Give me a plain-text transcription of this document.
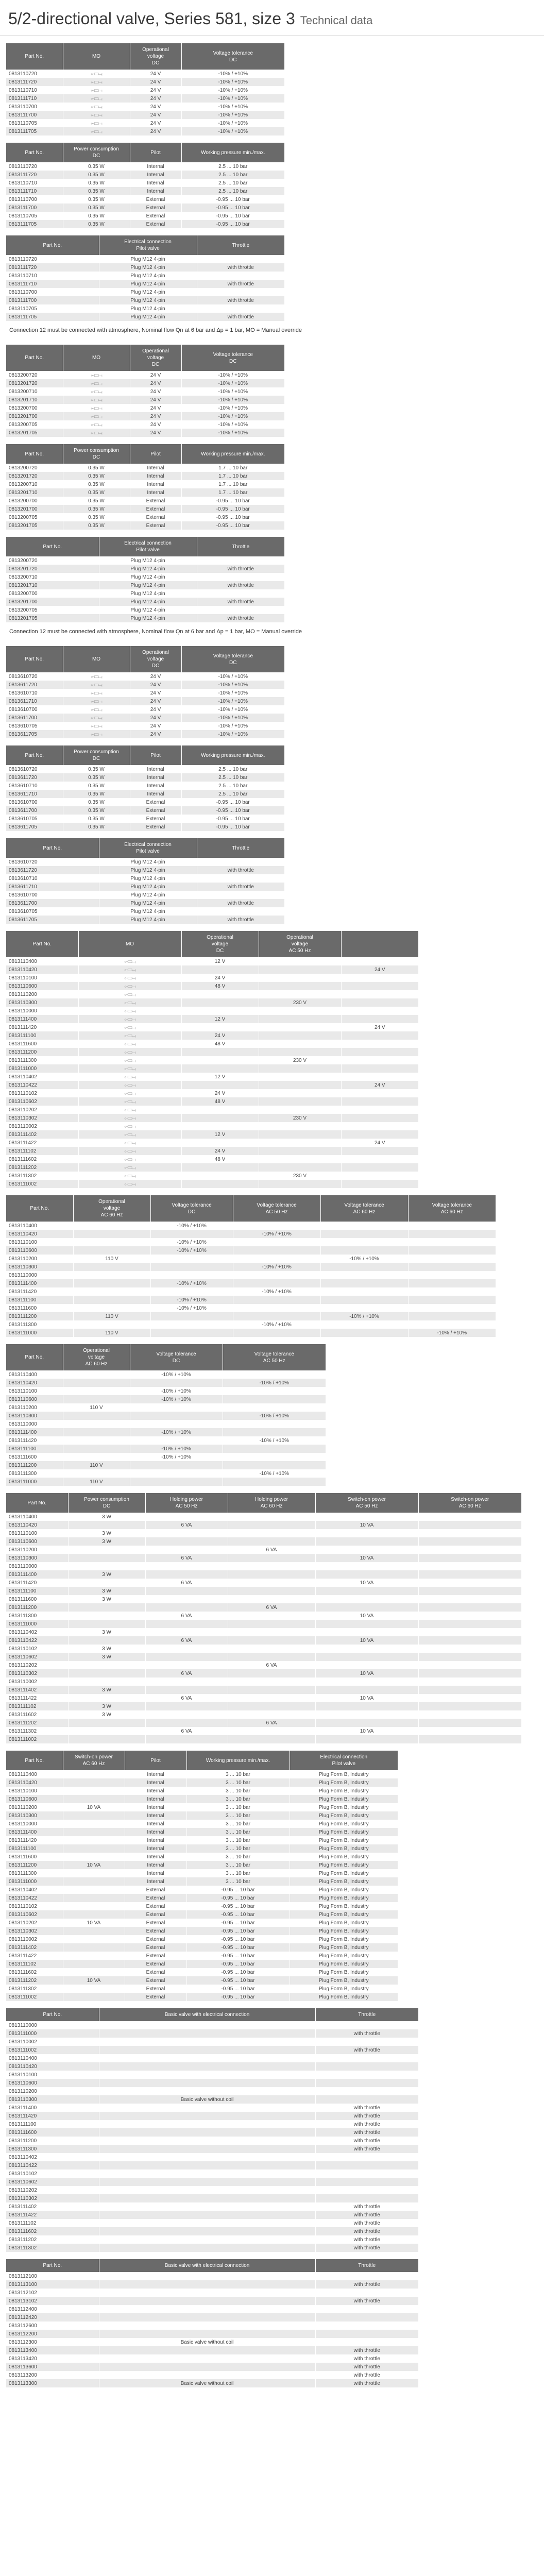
5/2-directional valve, Series 581, size 3 Technical data
Part No.	MO	Operational
voltage
DC	Voltage tolerance
DC
0813110720	⟜⊏⊐⟞	24 V	-10% / +10%
0813111720	⟜⊏⊐⟞	24 V	-10% / +10%
0813110710	⟜⊏⊐⟞	24 V	-10% / +10%
0813111710	⟜⊏⊐⟞	24 V	-10% / +10%
0813110700	⟜⊏⊐⟞	24 V	-10% / +10%
0813111700	⟜⊏⊐⟞	24 V	-10% / +10%
0813110705	⟜⊏⊐⟞	24 V	-10% / +10%
0813111705	⟜⊏⊐⟞	24 V	-10% / +10%
Part No.	Power consumption
DC	Pilot	Working pressure min./max.
0813110720	0.35 W	Internal	2.5 ... 10 bar
0813111720	0.35 W	Internal	2.5 ... 10 bar
0813110710	0.35 W	Internal	2.5 ... 10 bar
0813111710	0.35 W	Internal	2.5 ... 10 bar
0813110700	0.35 W	External	-0.95 ... 10 bar
0813111700	0.35 W	External	-0.95 ... 10 bar
0813110705	0.35 W	External	-0.95 ... 10 bar
0813111705	0.35 W	External	-0.95 ... 10 bar
Part No.	Electrical connection
Pilot valve	Throttle
0813110720	Plug M12 4-pin	
0813111720	Plug M12 4-pin	with throttle
0813110710	Plug M12 4-pin	
0813111710	Plug M12 4-pin	with throttle
0813110700	Plug M12 4-pin	
0813111700	Plug M12 4-pin	with throttle
0813110705	Plug M12 4-pin	
0813111705	Plug M12 4-pin	with throttle
Connection 12 must be connected with atmosphere, Nominal flow Qn at 6 bar and Δp = 1 bar, MO = Manual override
Part No.	MO	Operational
voltage
DC	Voltage tolerance
DC
0813200720	⟜⊏⊐⟞	24 V	-10% / +10%
0813201720	⟜⊏⊐⟞	24 V	-10% / +10%
0813200710	⟜⊏⊐⟞	24 V	-10% / +10%
0813201710	⟜⊏⊐⟞	24 V	-10% / +10%
0813200700	⟜⊏⊐⟞	24 V	-10% / +10%
0813201700	⟜⊏⊐⟞	24 V	-10% / +10%
0813200705	⟜⊏⊐⟞	24 V	-10% / +10%
0813201705	⟜⊏⊐⟞	24 V	-10% / +10%
Part No.	Power consumption
DC	Pilot	Working pressure min./max.
0813200720	0.35 W	Internal	1.7 ... 10 bar
0813201720	0.35 W	Internal	1.7 ... 10 bar
0813200710	0.35 W	Internal	1.7 ... 10 bar
0813201710	0.35 W	Internal	1.7 ... 10 bar
0813200700	0.35 W	External	-0.95 ... 10 bar
0813201700	0.35 W	External	-0.95 ... 10 bar
0813200705	0.35 W	External	-0.95 ... 10 bar
0813201705	0.35 W	External	-0.95 ... 10 bar
Part No.	Electrical connection
Pilot valve	Throttle
0813200720	Plug M12 4-pin	
0813201720	Plug M12 4-pin	with throttle
0813200710	Plug M12 4-pin	
0813201710	Plug M12 4-pin	with throttle
0813200700	Plug M12 4-pin	
0813201700	Plug M12 4-pin	with throttle
0813200705	Plug M12 4-pin	
0813201705	Plug M12 4-pin	with throttle
Connection 12 must be connected with atmosphere, Nominal flow Qn at 6 bar and Δp = 1 bar, MO = Manual override
Part No.	MO	Operational
voltage
DC	Voltage tolerance
DC
0813610720	⟜⊏⊐⟞	24 V	-10% / +10%
0813611720	⟜⊏⊐⟞	24 V	-10% / +10%
0813610710	⟜⊏⊐⟞	24 V	-10% / +10%
0813611710	⟜⊏⊐⟞	24 V	-10% / +10%
0813610700	⟜⊏⊐⟞	24 V	-10% / +10%
0813611700	⟜⊏⊐⟞	24 V	-10% / +10%
0813610705	⟜⊏⊐⟞	24 V	-10% / +10%
0813611705	⟜⊏⊐⟞	24 V	-10% / +10%
Part No.	Power consumption
DC	Pilot	Working pressure min./max.
0813610720	0.35 W	Internal	2.5 ... 10 bar
0813611720	0.35 W	Internal	2.5 ... 10 bar
0813610710	0.35 W	Internal	2.5 ... 10 bar
0813611710	0.35 W	Internal	2.5 ... 10 bar
0813610700	0.35 W	External	-0.95 ... 10 bar
0813611700	0.35 W	External	-0.95 ... 10 bar
0813610705	0.35 W	External	-0.95 ... 10 bar
0813611705	0.35 W	External	-0.95 ... 10 bar
Part No.	Electrical connection
Pilot valve	Throttle
0813610720	Plug M12 4-pin	
0813611720	Plug M12 4-pin	with throttle
0813610710	Plug M12 4-pin	
0813611710	Plug M12 4-pin	with throttle
0813610700	Plug M12 4-pin	
0813611700	Plug M12 4-pin	with throttle
0813610705	Plug M12 4-pin	
0813611705	Plug M12 4-pin	with throttle
Part No.	MO	Operational
voltage
DC	Operational
voltage
AC 50 Hz	
0813110400	⟜⊏⊐⟞	12 V		
0813110420	⟜⊏⊐⟞			24 V
0813110100	⟜⊏⊐⟞	24 V		
0813110600	⟜⊏⊐⟞	48 V		
0813110200	⟜⊏⊐⟞			
0813110300	⟜⊏⊐⟞		230 V	
0813110000	⟜⊏⊐⟞			
0813111400	⟜⊏⊐⟞	12 V		
0813111420	⟜⊏⊐⟞			24 V
0813111100	⟜⊏⊐⟞	24 V		
0813111600	⟜⊏⊐⟞	48 V		
0813111200	⟜⊏⊐⟞			
0813111300	⟜⊏⊐⟞		230 V	
0813111000	⟜⊏⊐⟞			
0813110402	⟜⊏⊐⟞	12 V		
0813110422	⟜⊏⊐⟞			24 V
0813110102	⟜⊏⊐⟞	24 V		
0813110602	⟜⊏⊐⟞	48 V		
0813110202	⟜⊏⊐⟞			
0813110302	⟜⊏⊐⟞		230 V	
0813110002	⟜⊏⊐⟞			
0813111402	⟜⊏⊐⟞	12 V		
0813111422	⟜⊏⊐⟞			24 V
0813111102	⟜⊏⊐⟞	24 V		
0813111602	⟜⊏⊐⟞	48 V		
0813111202	⟜⊏⊐⟞			
0813111302	⟜⊏⊐⟞		230 V	
0813111002	⟜⊏⊐⟞			
Part No.	Operational
voltage
AC 60 Hz	Voltage tolerance
DC	Voltage tolerance
AC 50 Hz	Voltage tolerance
AC 60 Hz	Voltage tolerance
AC 60 Hz
0813110400		-10% / +10%			
0813110420			-10% / +10%		
0813110100		-10% / +10%			
0813110600		-10% / +10%			
0813110200	110 V			-10% / +10%	
0813110300			-10% / +10%		
0813110000					
0813111400		-10% / +10%			
0813111420			-10% / +10%		
0813111100		-10% / +10%			
0813111600		-10% / +10%			
0813111200	110 V			-10% / +10%	
0813111300			-10% / +10%		
0813111000	110 V				-10% / +10%
Part No.	Operational
voltage
AC 60 Hz	Voltage tolerance
DC	Voltage tolerance
AC 50 Hz
0813110400		-10% / +10%	
0813110420			-10% / +10%
0813110100		-10% / +10%	
0813110600		-10% / +10%	
0813110200	110 V		
0813110300			-10% / +10%
0813110000			
0813111400		-10% / +10%	
0813111420			-10% / +10%
0813111100		-10% / +10%	
0813111600		-10% / +10%	
0813111200	110 V		
0813111300			-10% / +10%
0813111000	110 V		
Part No.	Power consumption
DC	Holding power
AC 50 Hz	Holding power
AC 60 Hz	Switch-on power
AC 50 Hz	Switch-on power
AC 60 Hz
0813110400	3 W				
0813110420		6 VA		10 VA	
0813110100	3 W				
0813110600	3 W				
0813110200			6 VA		
0813110300		6 VA		10 VA	
0813110000					
0813111400	3 W				
0813111420		6 VA		10 VA	
0813111100	3 W				
0813111600	3 W				
0813111200			6 VA		
0813111300		6 VA		10 VA	
0813111000					
0813110402	3 W				
0813110422		6 VA		10 VA	
0813110102	3 W				
0813110602	3 W				
0813110202			6 VA		
0813110302		6 VA		10 VA	
0813110002					
0813111402	3 W				
0813111422		6 VA		10 VA	
0813111102	3 W				
0813111602	3 W				
0813111202			6 VA		
0813111302		6 VA		10 VA	
0813111002					
Part No.	Switch-on power
AC 60 Hz	Pilot	Working pressure min./max.	Electrical connection
Pilot valve
0813110400		Internal	3 ... 10 bar	Plug Form B, Industry
0813110420		Internal	3 ... 10 bar	Plug Form B, Industry
0813110100		Internal	3 ... 10 bar	Plug Form B, Industry
0813110600		Internal	3 ... 10 bar	Plug Form B, Industry
0813110200	10 VA	Internal	3 ... 10 bar	Plug Form B, Industry
0813110300		Internal	3 ... 10 bar	Plug Form B, Industry
0813110000		Internal	3 ... 10 bar	Plug Form B, Industry
0813111400		Internal	3 ... 10 bar	Plug Form B, Industry
0813111420		Internal	3 ... 10 bar	Plug Form B, Industry
0813111100		Internal	3 ... 10 bar	Plug Form B, Industry
0813111600		Internal	3 ... 10 bar	Plug Form B, Industry
0813111200	10 VA	Internal	3 ... 10 bar	Plug Form B, Industry
0813111300		Internal	3 ... 10 bar	Plug Form B, Industry
0813111000		Internal	3 ... 10 bar	Plug Form B, Industry
0813110402		External	-0.95 ... 10 bar	Plug Form B, Industry
0813110422		External	-0.95 ... 10 bar	Plug Form B, Industry
0813110102		External	-0.95 ... 10 bar	Plug Form B, Industry
0813110602		External	-0.95 ... 10 bar	Plug Form B, Industry
0813110202	10 VA	External	-0.95 ... 10 bar	Plug Form B, Industry
0813110302		External	-0.95 ... 10 bar	Plug Form B, Industry
0813110002		External	-0.95 ... 10 bar	Plug Form B, Industry
0813111402		External	-0.95 ... 10 bar	Plug Form B, Industry
0813111422		External	-0.95 ... 10 bar	Plug Form B, Industry
0813111102		External	-0.95 ... 10 bar	Plug Form B, Industry
0813111602		External	-0.95 ... 10 bar	Plug Form B, Industry
0813111202	10 VA	External	-0.95 ... 10 bar	Plug Form B, Industry
0813111302		External	-0.95 ... 10 bar	Plug Form B, Industry
0813111002		External	-0.95 ... 10 bar	Plug Form B, Industry
Part No.	Basic valve with electrical connection	Throttle
0813110000		
0813111000		with throttle
0813110002		
0813111002		with throttle
0813110400		
0813110420		
0813110100		
0813110600		
0813110200		
0813110300	Basic valve without coil	
0813111400		with throttle
0813111420		with throttle
0813111100		with throttle
0813111600		with throttle
0813111200		with throttle
0813111300		with throttle
0813110402		
0813110422		
0813110102		
0813110602		
0813110202		
0813110302		
0813111402		with throttle
0813111422		with throttle
0813111102		with throttle
0813111602		with throttle
0813111202		with throttle
0813111302		with throttle
Part No.	Basic valve with electrical connection	Throttle
0813112100		
0813113100		with throttle
0813112102		
0813113102		with throttle
0813112400		
0813112420		
0813112600		
0813112200		
0813112300	Basic valve without coil	
0813113400		with throttle
0813113420		with throttle
0813113600		with throttle
0813113200		with throttle
0813113300	Basic valve without coil	with throttle
